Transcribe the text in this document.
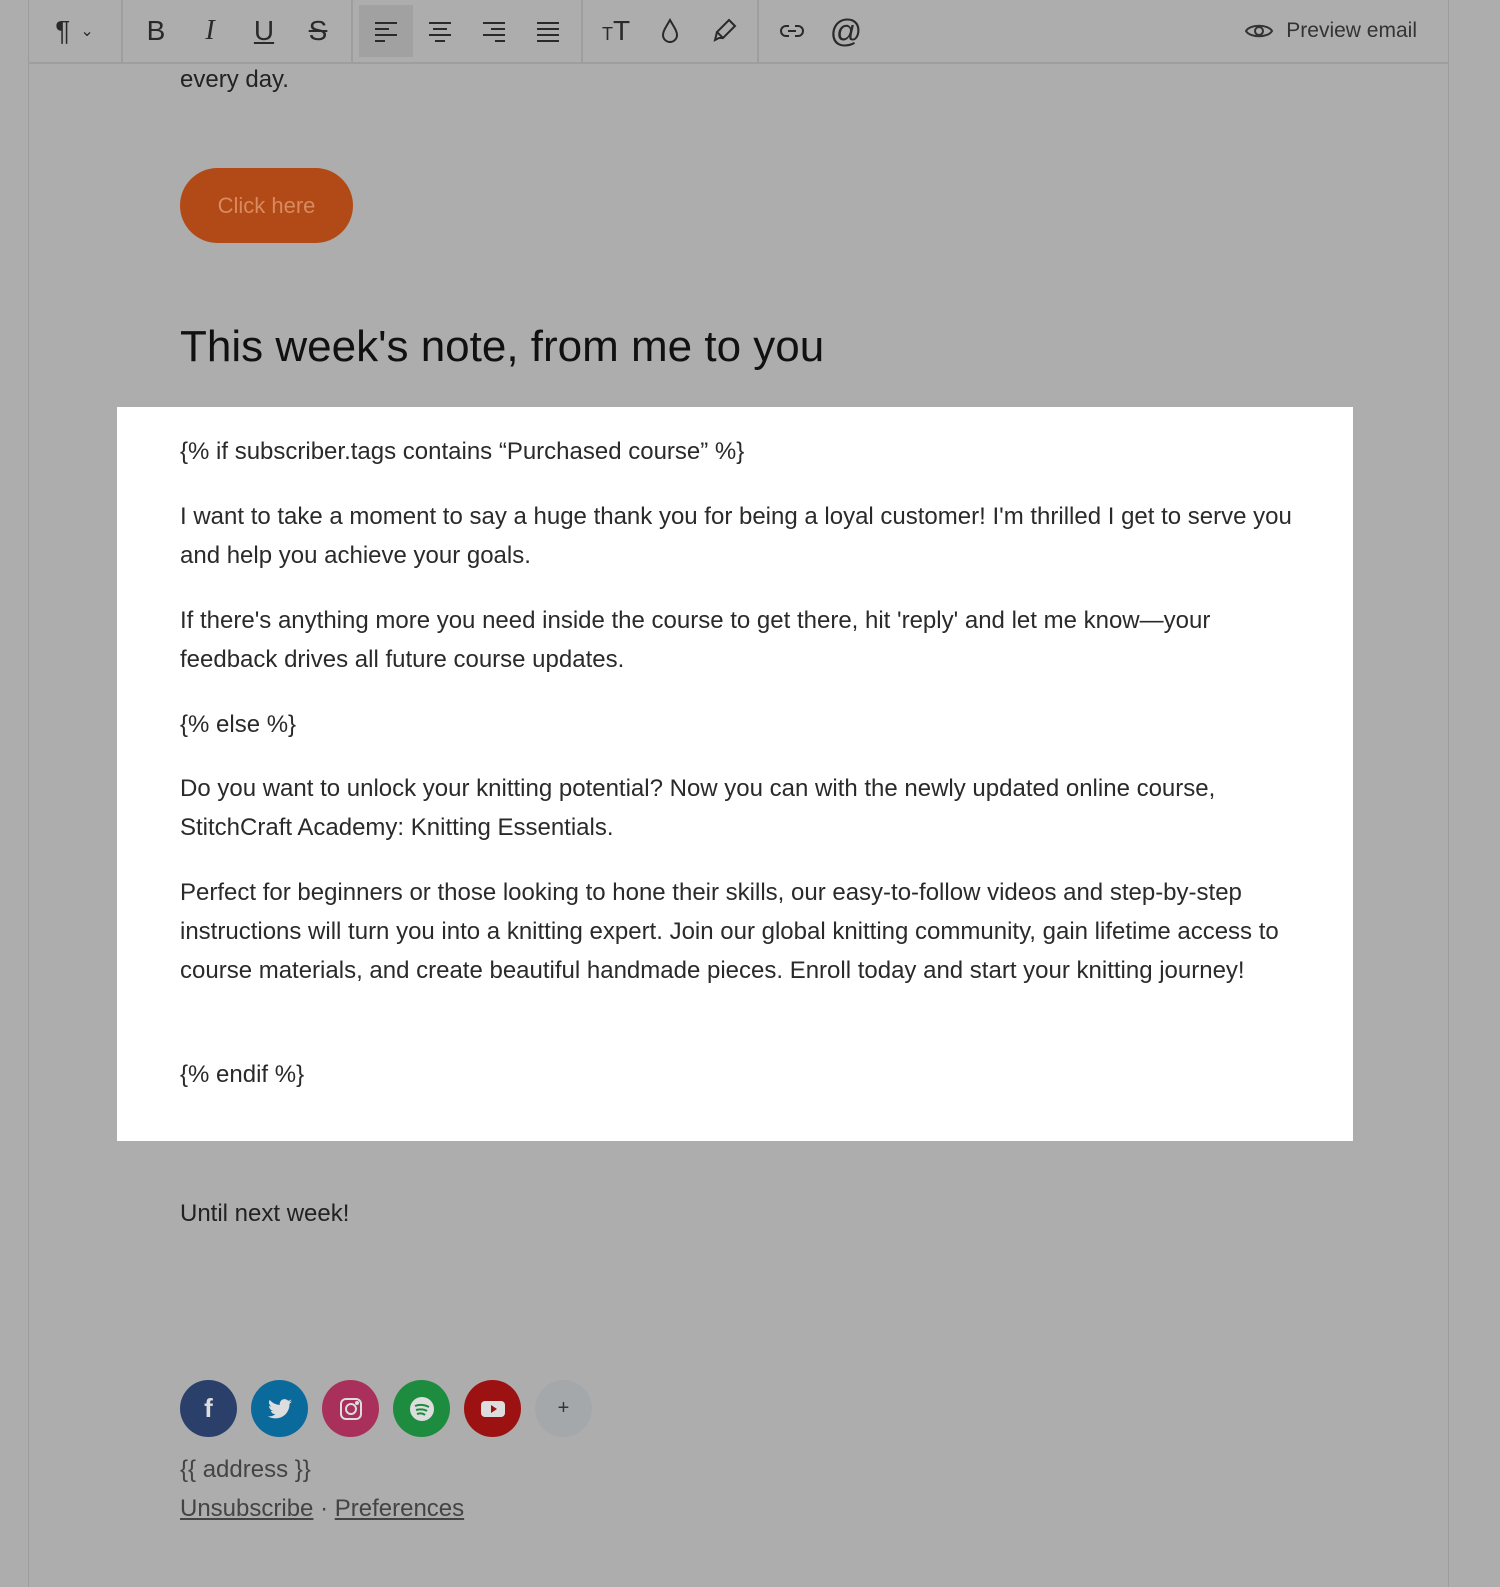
¶ ⌄ B I U S	TT	@	Preview email
every day.
Click here
This week's note, from me to you

{% if subscriber.tags contains “Purchased course” %}

I want to take a moment to say a huge thank you for being a loyal customer! I'm thrilled I get to serve you and help you achieve your goals.

If there's anything more you need inside the course to get there, hit 'reply' and let me know—your feedback drives all future course updates.

{% else %}

Do you want to unlock your knitting potential? Now you can with the newly updated online course, StitchCraft Academy: Knitting Essentials.

Perfect for beginners or those looking to hone their skills, our easy-to-follow videos and step-by-step instructions will turn you into a knitting expert. Join our global knitting community, gain lifetime access to course materials, and create beautiful handmade pieces. Enroll today and start your knitting journey!

{% endif %}

Until next week!
f	+
{{ address }}
Unsubscribe · Preferences
